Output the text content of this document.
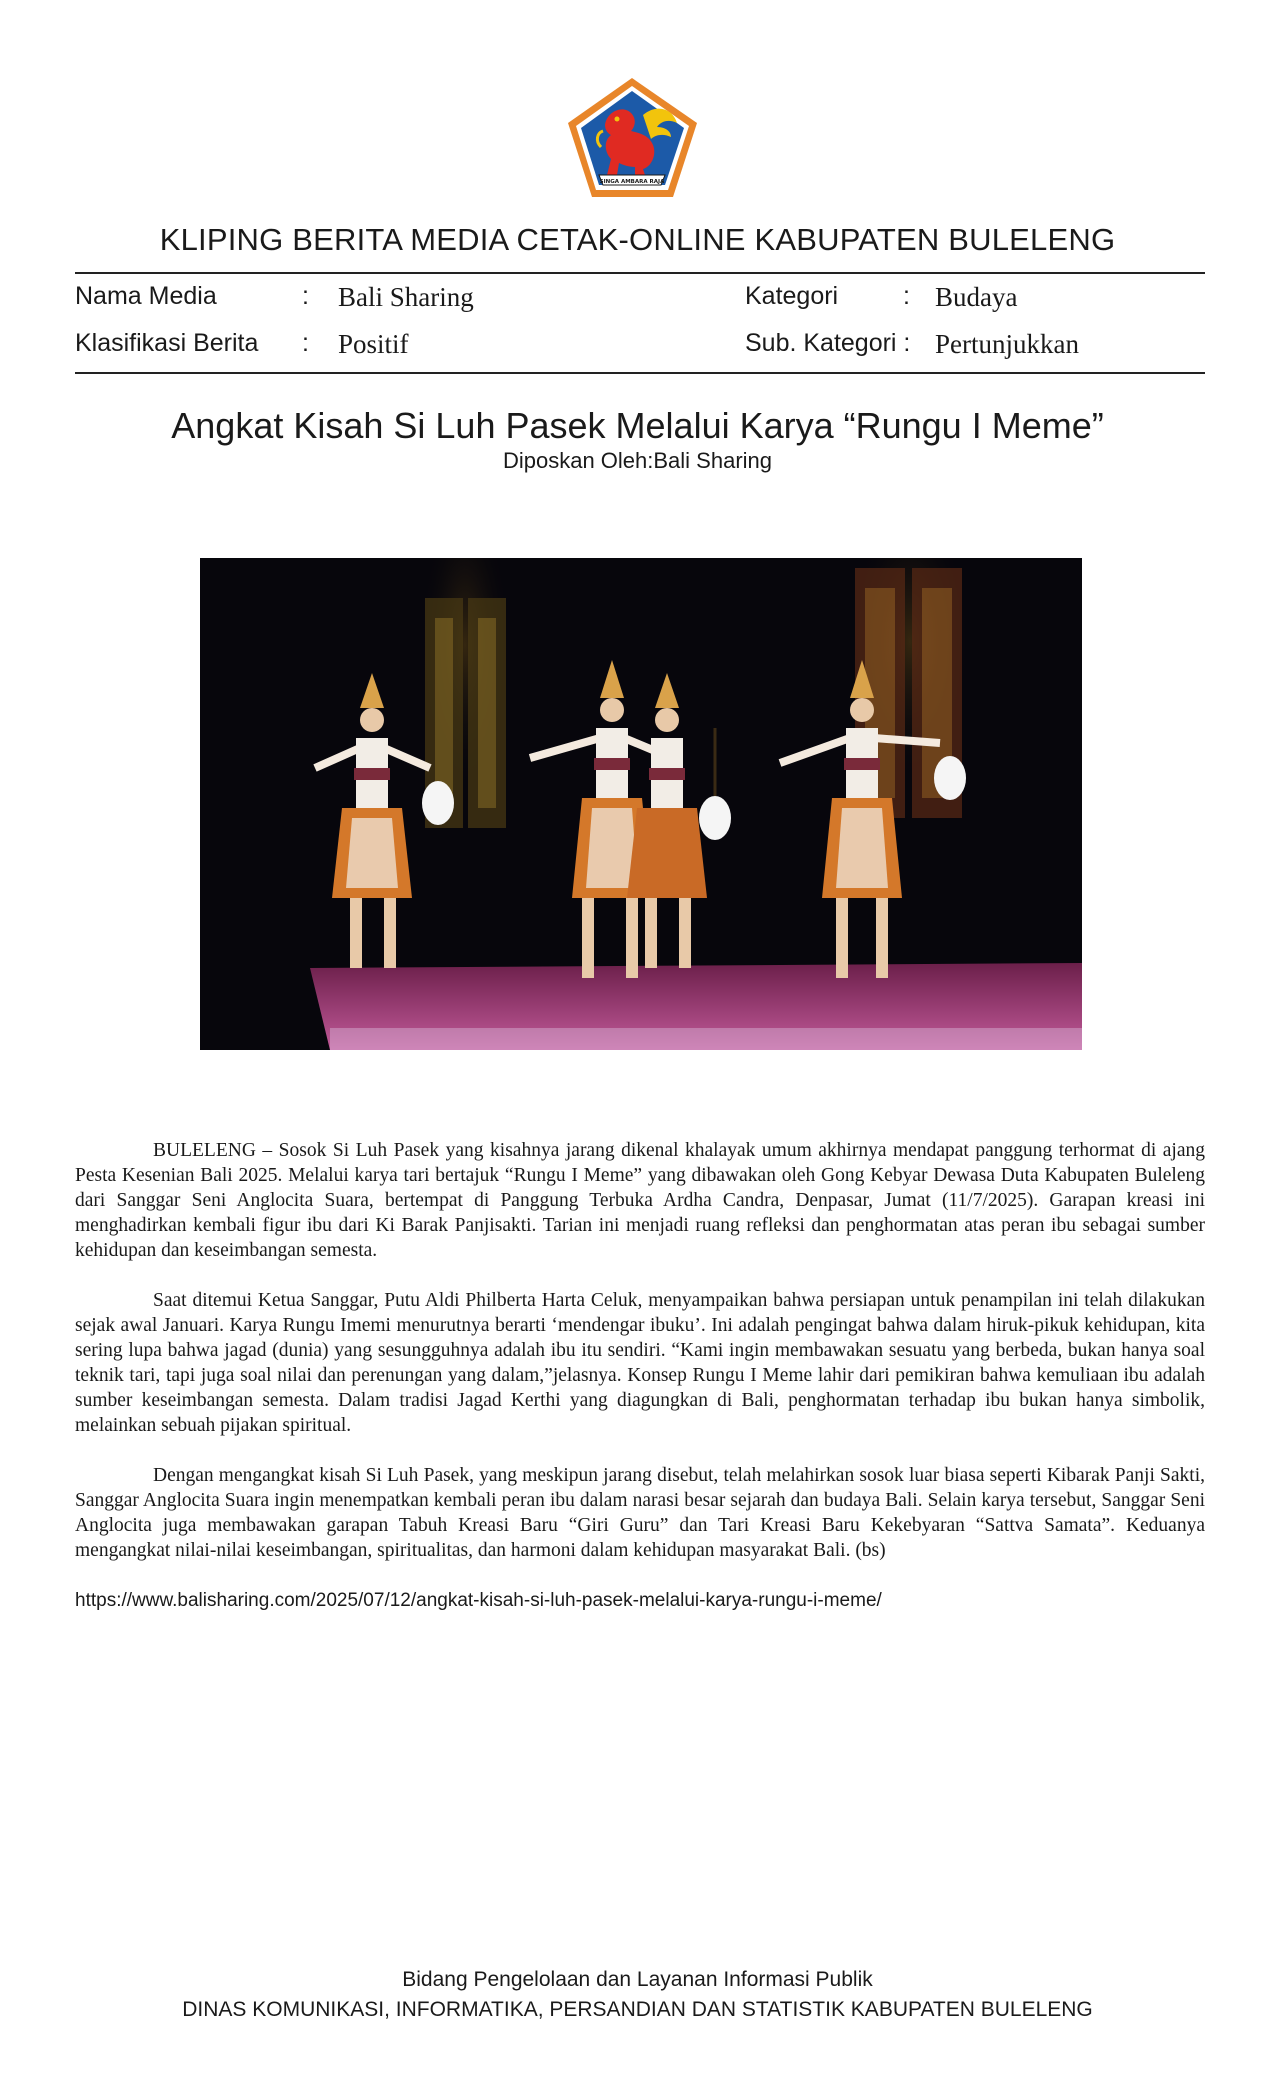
SINGA AMBARA RAJA
KLIPING BERITA MEDIA CETAK-ONLINE KABUPATEN BULELENG
Nama Media	: Bali Sharing	Kategori	: Budaya
Klasifikasi Berita : Positif	Sub. Kategori : Pertunjukkan
Angkat Kisah Si Luh Pasek Melalui Karya “Rungu I Meme”
Diposkan Oleh:Bali Sharing

BULELENG – Sosok Si Luh Pasek yang kisahnya jarang dikenal khalayak umum akhirnya mendapat panggung terhormat di ajang Pesta Kesenian Bali 2025. Melalui karya tari bertajuk “Rungu I Meme” yang dibawakan oleh Gong Kebyar Dewasa Duta Kabupaten Buleleng dari Sanggar Seni Anglocita Suara, bertempat di Panggung Terbuka Ardha Candra, Denpasar, Jumat (11/7/2025). Garapan kreasi ini menghadirkan kembali figur ibu dari Ki Barak Panjisakti. Tarian ini menjadi ruang refleksi dan penghormatan atas peran ibu sebagai sumber kehidupan dan keseimbangan semesta.

Saat ditemui Ketua Sanggar, Putu Aldi Philberta Harta Celuk, menyampaikan bahwa persiapan untuk penampilan ini telah dilakukan sejak awal Januari. Karya Rungu Imemi menurutnya berarti ‘mendengar ibuku’. Ini adalah pengingat bahwa dalam hiruk-pikuk kehidupan, kita sering lupa bahwa jagad (dunia) yang sesungguhnya adalah ibu itu sendiri. “Kami ingin membawakan sesuatu yang berbeda, bukan hanya soal teknik tari, tapi juga soal nilai dan perenungan yang dalam,”jelasnya. Konsep Rungu I Meme lahir dari pemikiran bahwa kemuliaan ibu adalah sumber keseimbangan semesta. Dalam tradisi Jagad Kerthi yang diagungkan di Bali, penghormatan terhadap ibu bukan hanya simbolik, melainkan sebuah pijakan spiritual.

Dengan mengangkat kisah Si Luh Pasek, yang meskipun jarang disebut, telah melahirkan sosok luar biasa seperti Kibarak Panji Sakti, Sanggar Anglocita Suara ingin menempatkan kembali peran ibu dalam narasi besar sejarah dan budaya Bali. Selain karya tersebut, Sanggar Seni Anglocita juga membawakan garapan Tabuh Kreasi Baru “Giri Guru” dan Tari Kreasi Baru Kekebyaran “Sattva Samata”. Keduanya mengangkat nilai-nilai keseimbangan, spiritualitas, dan harmoni dalam kehidupan masyarakat Bali. (bs)

https://www.balisharing.com/2025/07/12/angkat-kisah-si-luh-pasek-melalui-karya-rungu-i-meme/
Bidang Pengelolaan dan Layanan Informasi Publik
DINAS KOMUNIKASI, INFORMATIKA, PERSANDIAN DAN STATISTIK KABUPATEN BULELENG
